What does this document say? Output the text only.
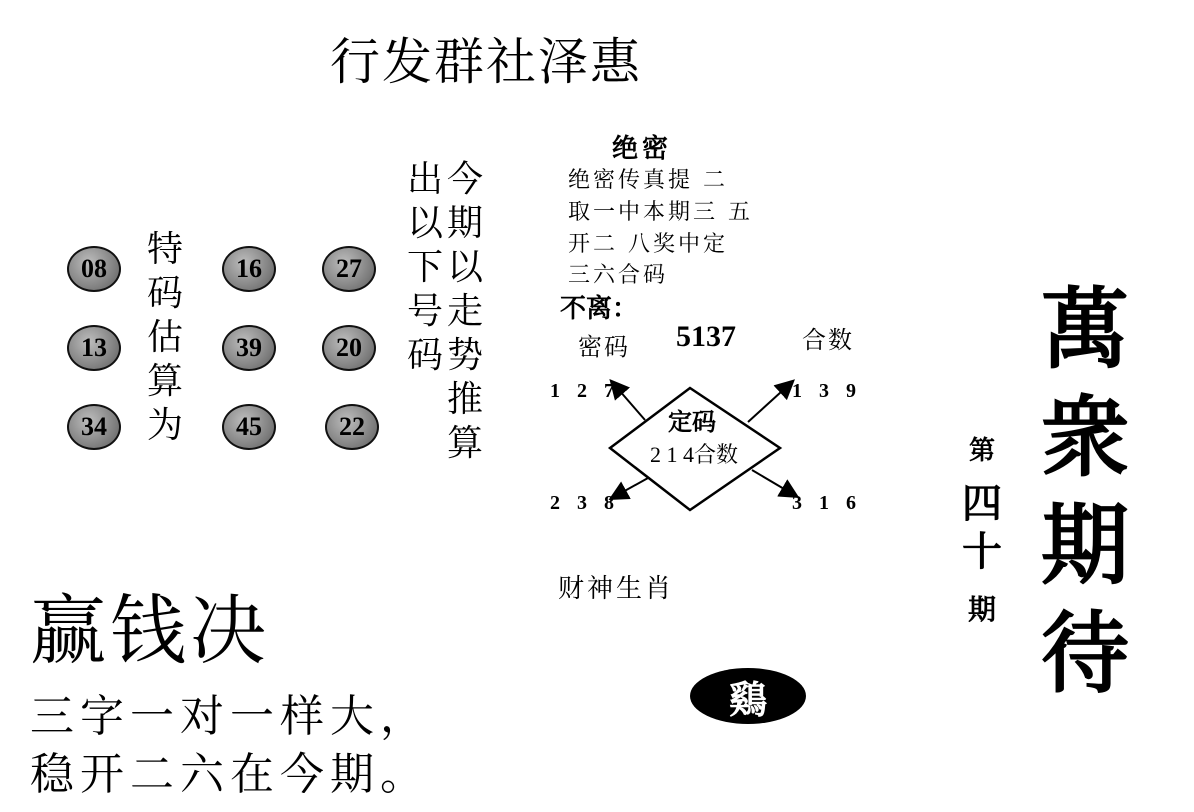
行发群社泽惠
08	16	27
13	39	20
34	45	22
特
码
估
算
为
今
期
以
走
势
推
算
出
以
下
号
码
绝密
绝密传真提 二
取一中本期三 五
开二 八奖中定
三六合码
不离：
密码 5137	合数
定码
2 1 4合数
1 2 7	1 3 9
2 3 8	3 1 6
财神生肖
鷄
赢钱决
三字一对一样大，
稳开二六在今期。
萬
衆
期
待
第
四
十
期
